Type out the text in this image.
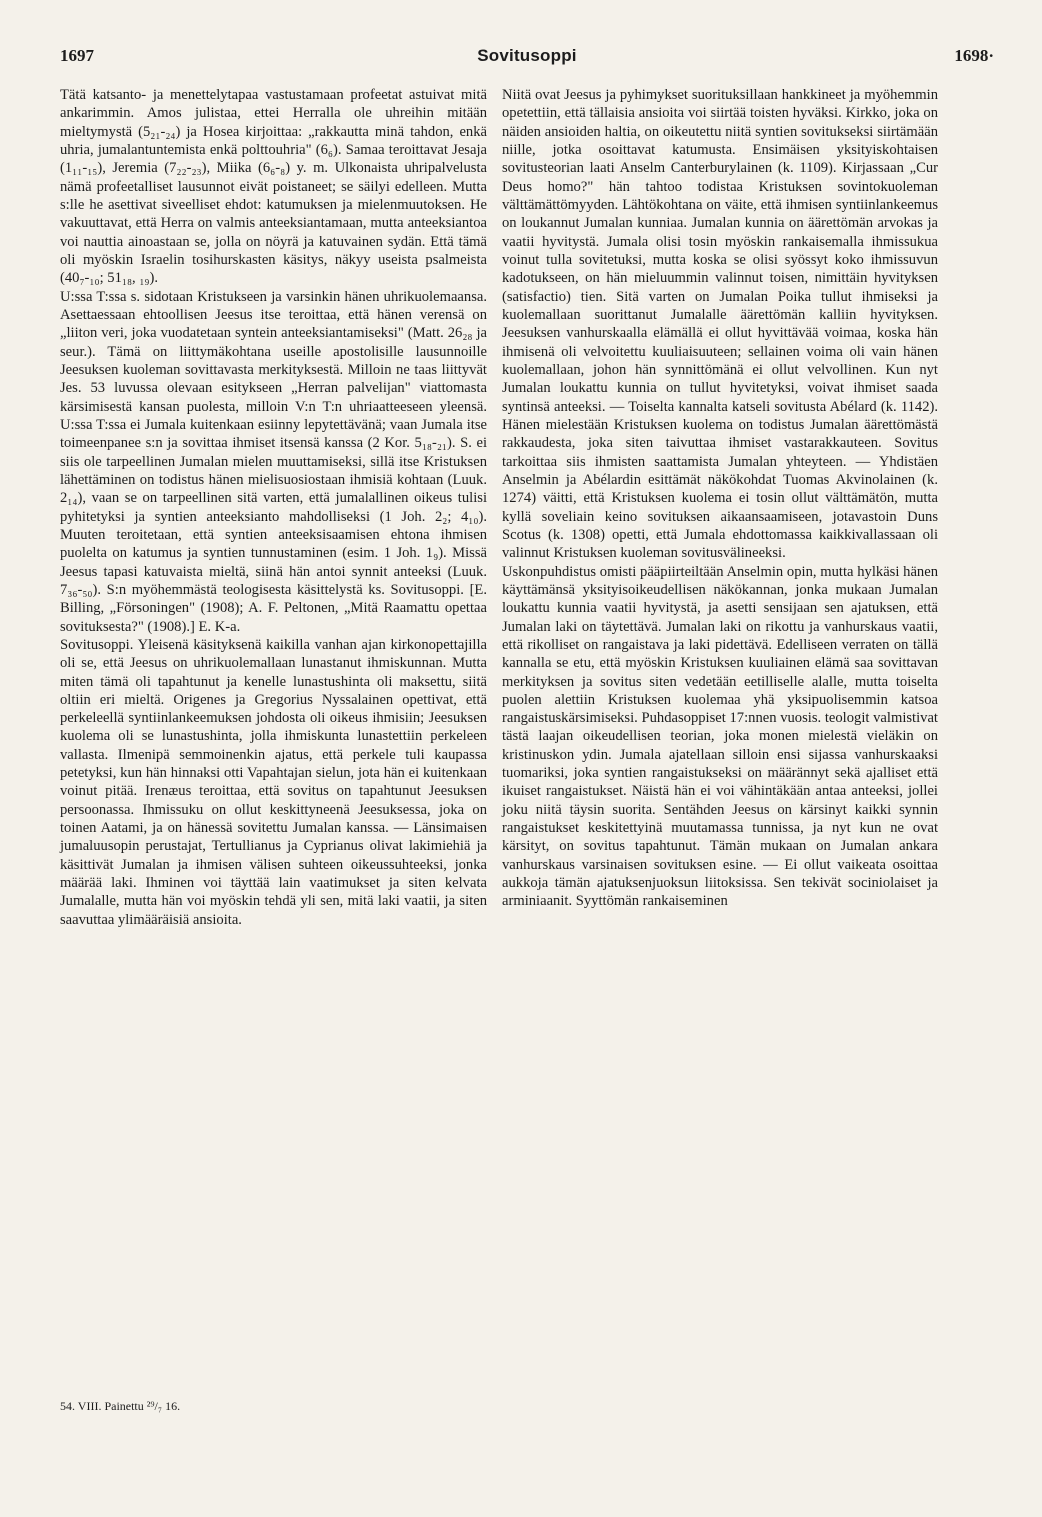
1697	Sovitusoppi	1698·

Tätä katsanto- ja menettelytapaa vastustamaan profeetat astuivat mitä ankarimmin. Amos julistaa, ettei Herralla ole uhreihin mitään mieltymystä (5₂₁-₂₄) ja Hosea kirjoittaa: „rakkautta minä tahdon, enkä uhria, jumalantuntemista enkä polttouhria" (6₆). Samaa teroittavat Jesaja (1₁₁-₁₅), Jeremia (7₂₂-₂₃), Miika (6₆-₈) y. m. Ulkonaista uhripalvelusta nämä profeetalliset lausunnot eivät poistaneet; se säilyi edelleen. Mutta s:lle he asettivat siveelliset ehdot: katumuksen ja mielenmuutoksen. He vakuuttavat, että Herra on valmis anteeksiantamaan, mutta anteeksiantoa voi nauttia ainoastaan se, jolla on nöyrä ja katuvainen sydän. Että tämä oli myöskin Israelin tosihurskasten käsitys, näkyy useista psalmeista (40₇-₁₀; 51₁₈, ₁₉).

U:ssa T:ssa s. sidotaan Kristukseen ja varsinkin hänen uhrikuolemaansa. Asettaessaan ehtoollisen Jeesus itse teroittaa, että hänen verensä on „liiton veri, joka vuodatetaan syntein anteeksiantamiseksi" (Matt. 26₂₈ ja seur.). Tämä on liittymäkohtana useille apostolisille lausunnoille Jeesuksen kuoleman sovittavasta merkityksestä. Milloin ne taas liittyvät Jes. 53 luvussa olevaan esitykseen „Herran palvelijan" viattomasta kärsimisestä kansan puolesta, milloin V:n T:n uhriaatteeseen yleensä. U:ssa T:ssa ei Jumala kuitenkaan esiinny lepytettävänä; vaan Jumala itse toimeenpanee s:n ja sovittaa ihmiset itsensä kanssa (2 Kor. 5₁₈-₂₁). S. ei siis ole tarpeellinen Jumalan mielen muuttamiseksi, sillä itse Kristuksen lähettäminen on todistus hänen mielisuosiostaan ihmisiä kohtaan (Luuk. 2₁₄), vaan se on tarpeellinen sitä varten, että jumalallinen oikeus tulisi pyhitetyksi ja syntien anteeksianto mahdolliseksi (1 Joh. 2₂; 4₁₀). Muuten teroitetaan, että syntien anteeksisaamisen ehtona ihmisen puolelta on katumus ja syntien tunnustaminen (esim. 1 Joh. 1₉). Missä Jeesus tapasi katuvaista mieltä, siinä hän antoi synnit anteeksi (Luuk. 7₃₆-₅₀). S:n myöhemmästä teologisesta käsittelystä ks. Sovitusoppi. [E. Billing, „Försoningen" (1908); A. F. Peltonen, „Mitä Raamattu opettaa sovituksesta?" (1908).] E. K-a.

Sovitusoppi. Yleisenä käsityksenä kaikilla vanhan ajan kirkonopettajilla oli se, että Jeesus on uhrikuolemallaan lunastanut ihmiskunnan. Mutta miten tämä oli tapahtunut ja kenelle lunastushinta oli maksettu, siitä oltiin eri mieltä. Origenes ja Gregorius Nyssalainen opettivat, että perkeleellä syntiinlankeemuksen johdosta oli oikeus ihmisiin; Jeesuksen kuolema oli se lunastushinta, jolla ihmiskunta lunastettiin perkeleen vallasta. Ilmenipä semmoinenkin ajatus, että perkele tuli kaupassa petetyksi, kun hän hinnaksi otti Vapahtajan sielun, jota hän ei kuitenkaan voinut pitää. Irenæus teroittaa, että sovitus on tapahtunut Jeesuksen persoonassa. Ihmissuku on ollut keskittyneenä Jeesuksessa, joka on toinen Aatami, ja on hänessä sovitettu Jumalan kanssa. — Länsimaisen jumaluusopin perustajat, Tertullianus ja Cyprianus olivat lakimiehiä ja käsittivät Jumalan ja ihmisen välisen suhteen oikeussuhteeksi, jonka määrää laki. Ihminen voi täyttää lain vaatimukset ja siten kelvata Jumalalle, mutta hän voi myöskin tehdä yli sen, mitä laki vaatii, ja siten saavuttaa ylimääräisiä ansioita.

Niitä ovat Jeesus ja pyhimykset suorituksillaan hankkineet ja myöhemmin opetettiin, että tällaisia ansioita voi siirtää toisten hyväksi. Kirkko, joka on näiden ansioiden haltia, on oikeutettu niitä syntien sovitukseksi siirtämään niille, jotka osoittavat katumusta. Ensimäisen yksityiskohtaisen sovitusteorian laati Anselm Canterburylainen (k. 1109). Kirjassaan „Cur Deus homo?" hän tahtoo todistaa Kristuksen sovintokuoleman välttämättömyyden. Lähtökohtana on väite, että ihmisen syntiinlankeemus on loukannut Jumalan kunniaa. Jumalan kunnia on äärettömän arvokas ja vaatii hyvitystä. Jumala olisi tosin myöskin rankaisemalla ihmissukua voinut tulla sovitetuksi, mutta koska se olisi syössyt koko ihmissuvun kadotukseen, on hän mieluummin valinnut toisen, nimittäin hyvityksen (satisfactio) tien. Sitä varten on Jumalan Poika tullut ihmiseksi ja kuolemallaan suorittanut Jumalalle äärettömän kalliin hyvityksen. Jeesuksen vanhurskaalla elämällä ei ollut hyvittävää voimaa, koska hän ihmisenä oli velvoitettu kuuliaisuuteen; sellainen voima oli vain hänen kuolemallaan, johon hän synnittömänä ei ollut velvollinen. Kun nyt Jumalan loukattu kunnia on tullut hyvitetyksi, voivat ihmiset saada syntinsä anteeksi. — Toiselta kannalta katseli sovitusta Abélard (k. 1142). Hänen mielestään Kristuksen kuolema on todistus Jumalan äärettömästä rakkaudesta, joka siten taivuttaa ihmiset vastarakkauteen. Sovitus tarkoittaa siis ihmisten saattamista Jumalan yhteyteen. — Yhdistäen Anselmin ja Abélardin esittämät näkökohdat Tuomas Akvinolainen (k. 1274) väitti, että Kristuksen kuolema ei tosin ollut välttämätön, mutta kyllä soveliain keino sovituksen aikaansaamiseen, jotavastoin Duns Scotus (k. 1308) opetti, että Jumala ehdottomassa kaikkivallassaan oli valinnut Kristuksen kuoleman sovitusvälineeksi.

Uskonpuhdistus omisti pääpiirteiltään Anselmin opin, mutta hylkäsi hänen käyttämänsä yksityisoikeudellisen näkökannan, jonka mukaan Jumalan loukattu kunnia vaatii hyvitystä, ja asetti sensijaan sen ajatuksen, että Jumalan laki on täytettävä. Jumalan laki on rikottu ja vanhurskaus vaatii, että rikolliset on rangaistava ja laki pidettävä. Edelliseen verraten on tällä kannalla se etu, että myöskin Kristuksen kuuliainen elämä saa sovittavan merkityksen ja sovitus siten vedetään eetilliselle alalle, mutta toiselta puolen alettiin Kristuksen kuolemaa yhä yksipuolisemmin katsoa rangaistuskärsimiseksi. Puhdasoppiset 17:nnen vuosis. teologit valmistivat tästä laajan oikeudellisen teorian, joka monen mielestä vieläkin on kristinuskon ydin. Jumala ajatellaan silloin ensi sijassa vanhurskaaksi tuomariksi, joka syntien rangaistukseksi on määrännyt sekä ajalliset että ikuiset rangaistukset. Näistä hän ei voi vähintäkään antaa anteeksi, jollei joku niitä täysin suorita. Sentähden Jeesus on kärsinyt kaikki synnin rangaistukset keskitettyinä muutamassa tunnissa, ja nyt kun ne ovat kärsityt, on sovitus tapahtunut. Tämän mukaan on Jumalan ankara vanhurskaus varsinaisen sovituksen esine. — Ei ollut vaikeata osoittaa aukkoja tämän ajatuksenjuoksun liitoksissa. Sen tekivät sociniolaiset ja arminiaanit. Syyttömän rankaiseminen

54. VIII. Painettu ²⁹/₇ 16.
